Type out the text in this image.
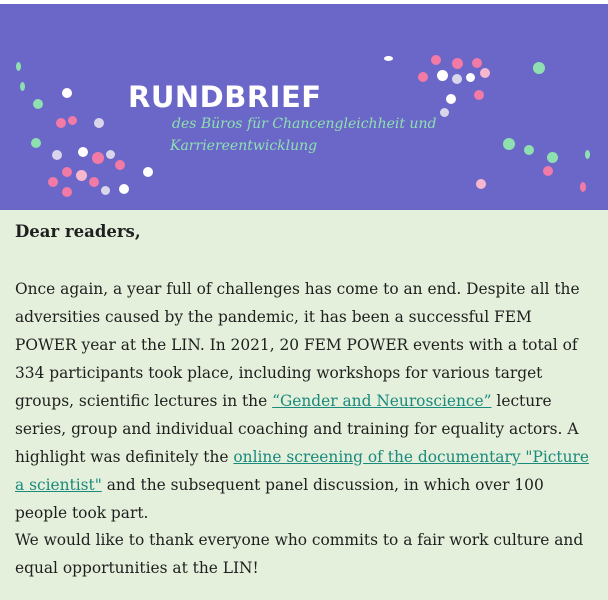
RUNDBRIEF
des Büros für Chancengleichheit und
Karriereentwicklung
Dear readers,
Once again, a year full of challenges has come to an end. Despite all the adversities caused by the pandemic, it has been a successful FEM POWER year at the LIN. In 2021, 20 FEM POWER events with a total of 334 participants took place, including workshops for various target groups, scientific lectures in the “Gender and Neuroscience” lecture series, group and individual coaching and training for equality actors. A highlight was definitely the online screening of the documentary "Picture a scientist" and the subsequent panel discussion, in which over 100 people took part.
We would like to thank everyone who commits to a fair work culture and equal opportunities at the LIN!
